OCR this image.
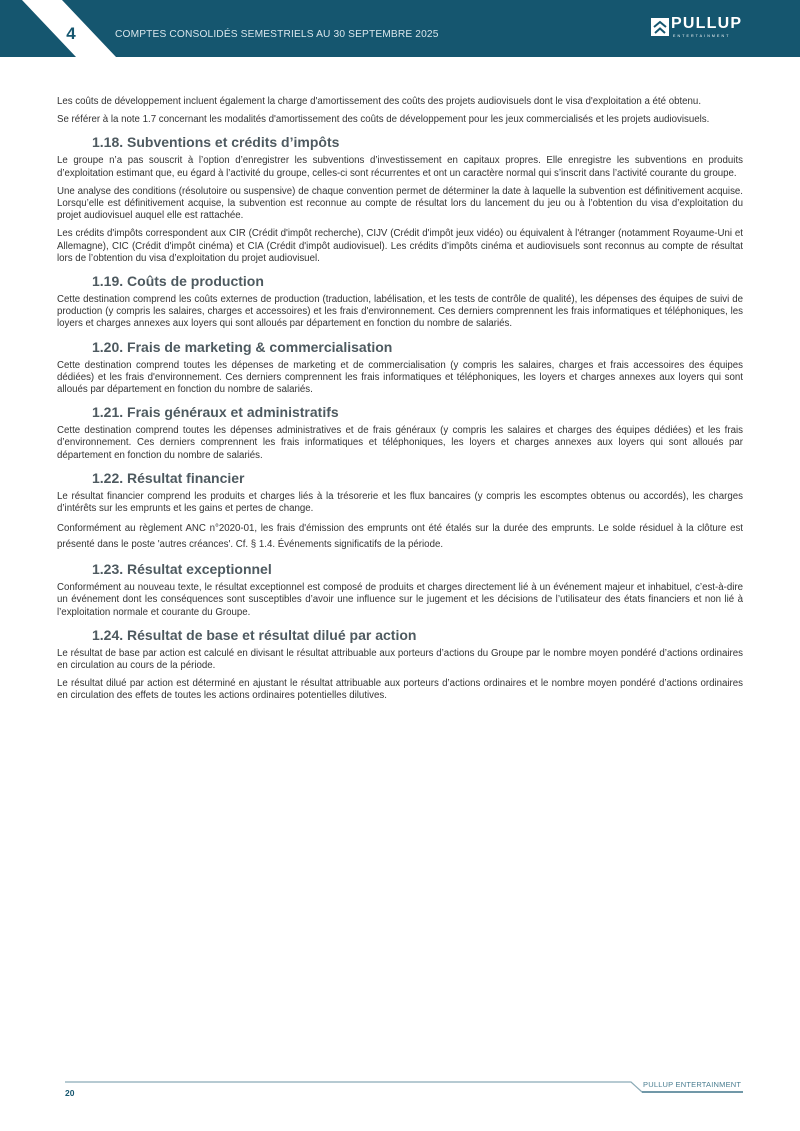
4	COMPTES CONSOLIDÉS SEMESTRIELS AU 30 SEPTEMBRE 2025
PULLUP
ENTERTAINMENT

Les coûts de développement incluent également la charge d'amortissement des coûts des projets audiovisuels dont le visa d'exploitation a été obtenu.

Se référer à la note 1.7 concernant les modalités d'amortissement des coûts de développement pour les jeux commercialisés et les projets audiovisuels.

1.18. Subventions et crédits d’impôts

Le groupe n’a pas souscrit à l’option d’enregistrer les subventions d’investissement en capitaux propres. Elle enregistre les subventions en produits d’exploitation estimant que, eu égard à l’activité du groupe, celles-ci sont récurrentes et ont un caractère normal qui s’inscrit dans l’activité courante du groupe.

Une analyse des conditions (résolutoire ou suspensive) de chaque convention permet de déterminer la date à laquelle la subvention est définitivement acquise. Lorsqu’elle est définitivement acquise, la subvention est reconnue au compte de résultat lors du lancement du jeu ou à l’obtention du visa d’exploitation du projet audiovisuel auquel elle est rattachée.

Les crédits d'impôts correspondent aux CIR (Crédit d'impôt recherche), CIJV (Crédit d'impôt jeux vidéo) ou équivalent à l'étranger (notamment Royaume-Uni et Allemagne), CIC (Crédit d'impôt cinéma) et CIA (Crédit d'impôt audiovisuel). Les crédits d’impôts cinéma et audiovisuels sont reconnus au compte de résultat lors de l’obtention du visa d’exploitation du projet audiovisuel.

1.19. Coûts de production

Cette destination comprend les coûts externes de production (traduction, labélisation, et les tests de contrôle de qualité), les dépenses des équipes de suivi de production (y compris les salaires, charges et accessoires) et les frais d'environnement. Ces derniers comprennent les frais informatiques et téléphoniques, les loyers et charges annexes aux loyers qui sont alloués par département en fonction du nombre de salariés.

1.20. Frais de marketing & commercialisation

Cette destination comprend toutes les dépenses de marketing et de commercialisation (y compris les salaires, charges et frais accessoires des équipes dédiées) et les frais d'environnement. Ces derniers comprennent les frais informatiques et téléphoniques, les loyers et charges annexes aux loyers qui sont alloués par département en fonction du nombre de salariés.

1.21. Frais généraux et administratifs

Cette destination comprend toutes les dépenses administratives et de frais généraux (y compris les salaires et charges des équipes dédiées) et les frais d’environnement. Ces derniers comprennent les frais informatiques et téléphoniques, les loyers et charges annexes aux loyers qui sont alloués par département en fonction du nombre de salariés.

1.22. Résultat financier

Le résultat financier comprend les produits et charges liés à la trésorerie et les flux bancaires (y compris les escomptes obtenus ou accordés), les charges d’intérêts sur les emprunts et les gains et pertes de change.

Conformément au règlement ANC n°2020-01, les frais d'émission des emprunts ont été étalés sur la durée des emprunts. Le solde résiduel à la clôture est présenté dans le poste 'autres créances'. Cf. § 1.4. Événements significatifs de la période.

1.23. Résultat exceptionnel

Conformément au nouveau texte, le résultat exceptionnel est composé de produits et charges directement lié à un événement majeur et inhabituel, c’est-à-dire un événement dont les conséquences sont susceptibles d’avoir une influence sur le jugement et les décisions de l’utilisateur des états financiers et non lié à l’exploitation normale et courante du Groupe.

1.24. Résultat de base et résultat dilué par action

Le résultat de base par action est calculé en divisant le résultat attribuable aux porteurs d’actions du Groupe par le nombre moyen pondéré d’actions ordinaires en circulation au cours de la période.

Le résultat dilué par action est déterminé en ajustant le résultat attribuable aux porteurs d’actions ordinaires et le nombre moyen pondéré d’actions ordinaires en circulation des effets de toutes les actions ordinaires potentielles dilutives.

20
PULLUP ENTERTAINMENT
